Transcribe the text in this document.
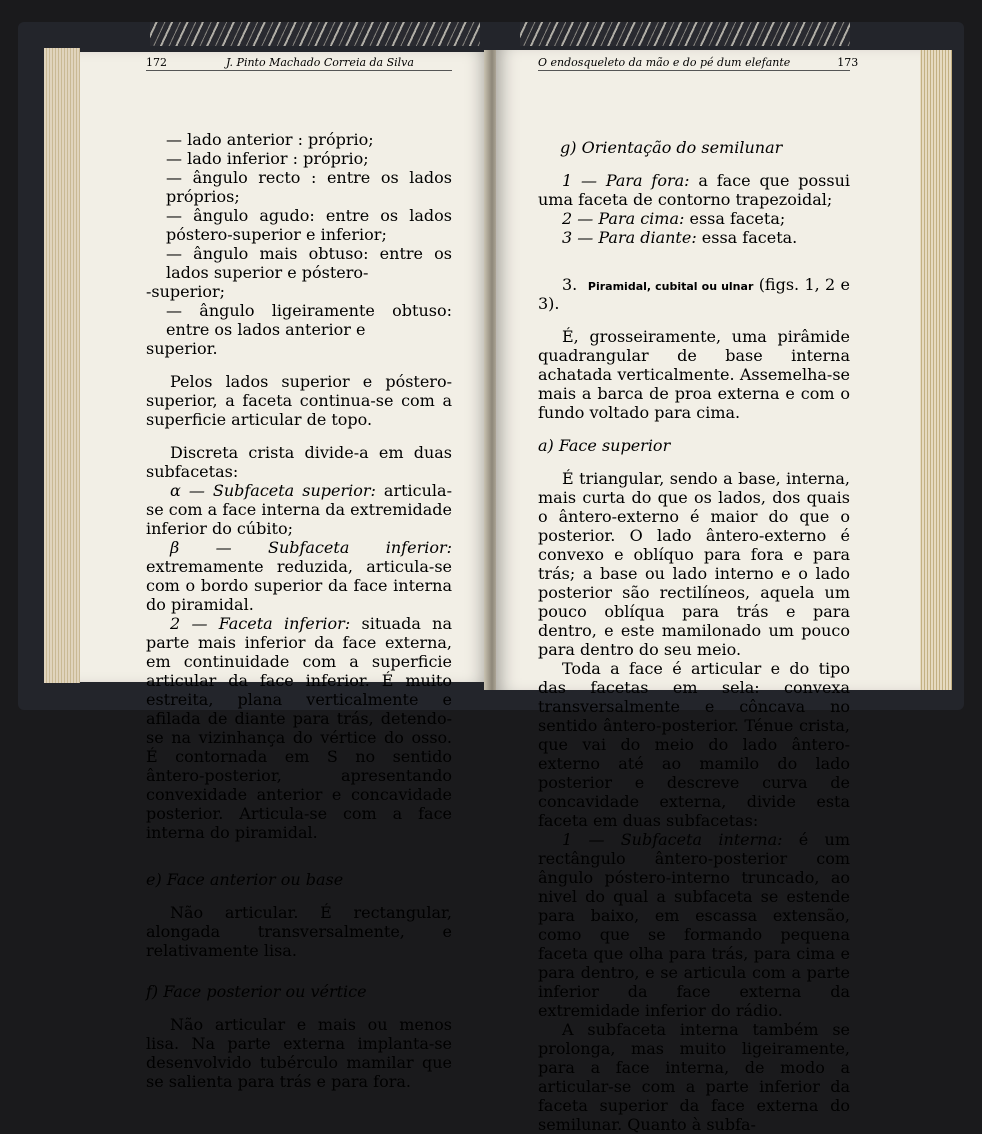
172	J. Pinto Machado Correia da Silva

— lado anterior : próprio;

— lado inferior : próprio;

— ângulo recto : entre os lados próprios;

— ângulo agudo: entre os lados póstero-superior e inferior;

— ângulo mais obtuso: entre os lados superior e póstero-

-superior;

— ângulo ligeiramente obtuso: entre os lados anterior e

superior.

Pelos lados superior e póstero-superior, a faceta continua-se com a superficie articular de topo.

Discreta crista divide-a em duas subfacetas:

α — Subfaceta superior: articula-se com a face interna da extremidade inferior do cúbito;

β — Subfaceta inferior: extremamente reduzida, articula-se com o bordo superior da face interna do piramidal.

2 — Faceta inferior: situada na parte mais inferior da face externa, em continuidade com a superficie articular da face inferior. É muito estreita, plana verticalmente e afilada de diante para trás, detendo-se na vizinhança do vértice do osso. É contornada em S no sentido ântero-posterior, apresentando convexidade anterior e concavidade posterior. Articula-se com a face interna do piramidal.

e) Face anterior ou base

Não articular. É rectangular, alongada transversalmente, e relativamente lisa.

f) Face posterior ou vértice

Não articular e mais ou menos lisa. Na parte externa implanta-se desenvolvido tubérculo mamilar que se salienta para trás e para fora.

O endosqueleto da mão e do pé dum elefante	173

g) Orientação do semilunar

1 — Para fora: a face que possui uma faceta de contorno trapezoidal;

2 — Para cima: essa faceta;

3 — Para diante: essa faceta.

3. Piramidal, cubital ou ulnar (figs. 1, 2 e 3).

É, grosseiramente, uma pirâmide quadrangular de base interna achatada verticalmente. Assemelha-se mais a barca de proa externa e com o fundo voltado para cima.

a) Face superior

É triangular, sendo a base, interna, mais curta do que os lados, dos quais o ântero-externo é maior do que o posterior. O lado ântero-externo é convexo e oblíquo para fora e para trás; a base ou lado interno e o lado posterior são rectilíneos, aquela um pouco oblíqua para trás e para dentro, e este mamilonado um pouco para dentro do seu meio.

Toda a face é articular e do tipo das facetas em sela: convexa transversalmente e côncava no sentido ântero-posterior. Ténue crista, que vai do meio do lado ântero-externo até ao mamilo do lado posterior e descreve curva de concavidade externa, divide esta faceta em duas subfacetas:

1 — Subfaceta interna: é um rectângulo ântero-posterior com ângulo póstero-interno truncado, ao nivel do qual a subfaceta se estende para baixo, em escassa extensão, como que se formando pequena faceta que olha para trás, para cima e para dentro, e se articula com a parte inferior da face externa da extremidade inferior do rádio.

A subfaceta interna também se prolonga, mas muito ligeiramente, para a face interna, de modo a articular-se com a parte inferior da faceta superior da face externa do semilunar. Quanto à subfa-
